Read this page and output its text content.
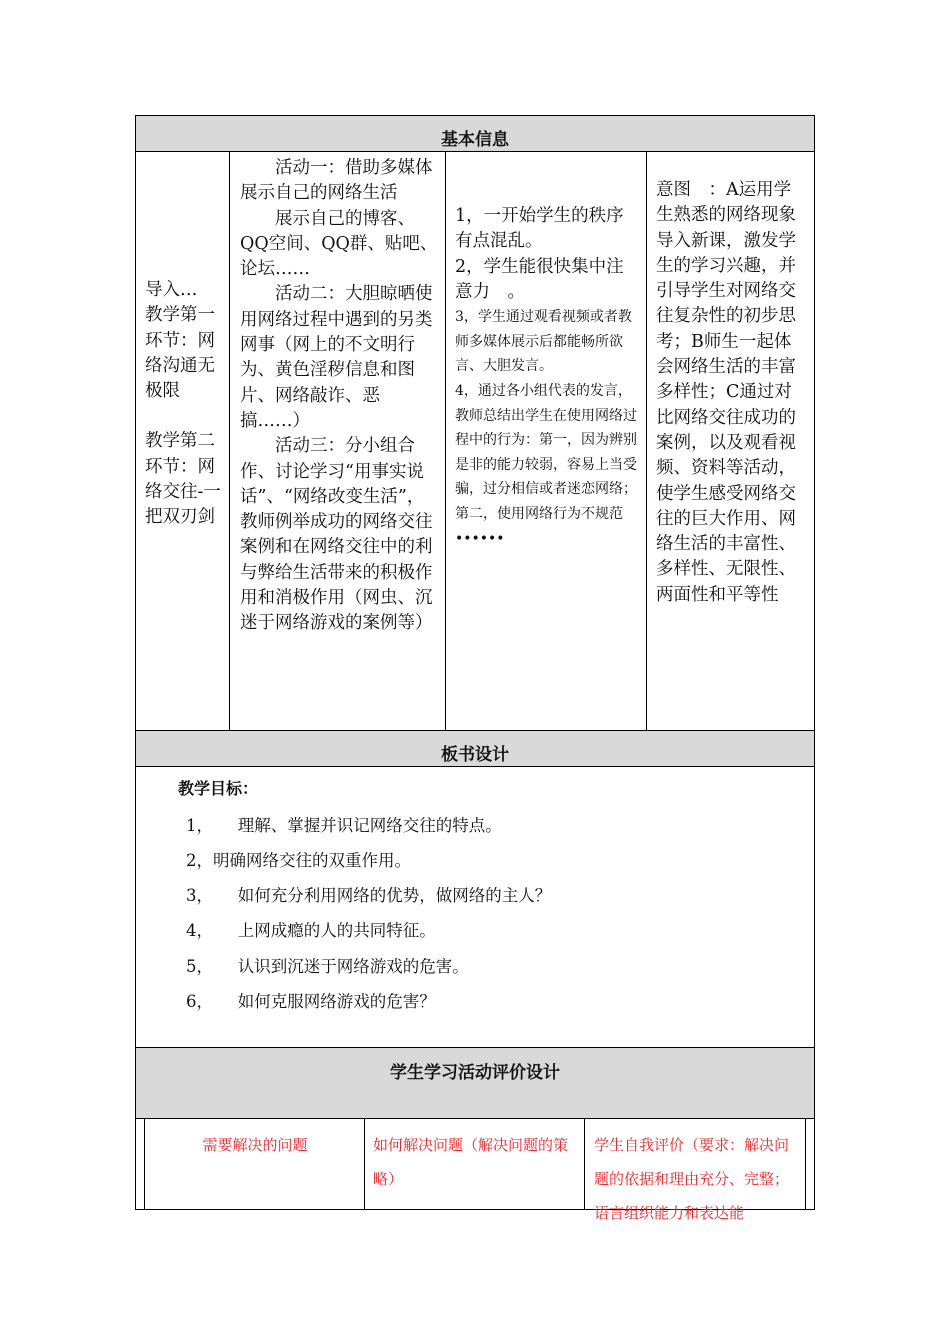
基本信息
板书设计
学生学习活动评价设计

导入…

教学第一环节：网络沟通无极限

教学第二环节：网络交往-一把双刃剑

活动一：借助多媒体展示自己的网络生活

展示自己的博客、QQ空间、QQ群、贴吧、论坛……

活动二：大胆晾晒使用网络过程中遇到的另类网事（网上的不文明行为、黄色淫秽信息和图片、网络敲诈、恶搞……）

活动三：分小组合作、讨论学习“用事实说话”、“网络改变生活”，教师例举成功的网络交往案例和在网络交往中的利与弊给生活带来的积极作用和消极作用（网虫、沉迷于网络游戏的案例等）

1，一开始学生的秩序有点混乱。

2，学生能很快集中注意力　。

3，学生通过观看视频或者教师多媒体展示后都能畅所欲言、大胆发言。

4，通过各小组代表的发言，教师总结出学生在使用网络过程中的行为：第一，因为辨别是非的能力较弱，容易上当受骗，过分相信或者迷恋网络；第二，使用网络行为不规范••••••

意图　：A运用学生熟悉的网络现象导入新课，激发学生的学习兴趣，并引导学生对网络交往复杂性的初步思考；B师生一起体会网络生活的丰富多样性；C通过对比网络交往成功的案例，以及观看视频、资料等活动，使学生感受网络交往的巨大作用、网络生活的丰富性、多样性、无限性、两面性和平等性

教学目标：
1，　　理解、掌握并识记网络交往的特点。
2，明确网络交往的双重作用。
3，　　如何充分利用网络的优势，做网络的主人？
4，　　上网成瘾的人的共同特征。
5，　　认识到沉迷于网络游戏的危害。
6，　　如何克服网络游戏的危害？
需要解决的问题	如何解决问题（解决问题的策略）
学生自我评价（要求：解决问题的依据和理由充分、完整；语言组织能力和表达能
